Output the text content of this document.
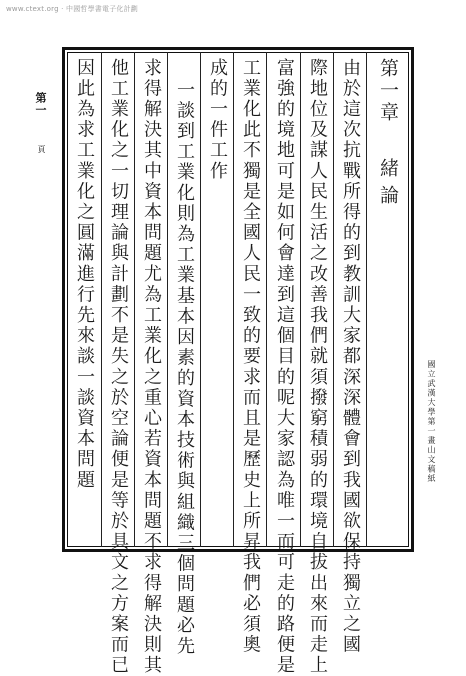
www.ctext.org · 中國哲學書電子化計劃
第一
頁
國立武漢大學第一畫山文稿紙
第一章
緒論
由於這次抗戰所得的到教訓大家都深深體會到我國欲保持獨立之國
際地位及謀人民生活之改善我們就須撥窮積弱的環境自拔出來而走上
富強的境地可是如何會達到這個目的呢大家認為唯一而可走的路便是
工業化此不獨是全國人民一致的要求而且是歷史上所昇我們必須奧
成的一件工作
一談到工業化則為工業基本因素的資本技術與組織三個問題必先
求得解決其中資本問題尤為工業化之重心若資本問題不求得解決則其
他工業化之一切理論與計劃不是失之於空論便是等於具文之方案而已
因此為求工業化之圓滿進行先來談一談資本問題
